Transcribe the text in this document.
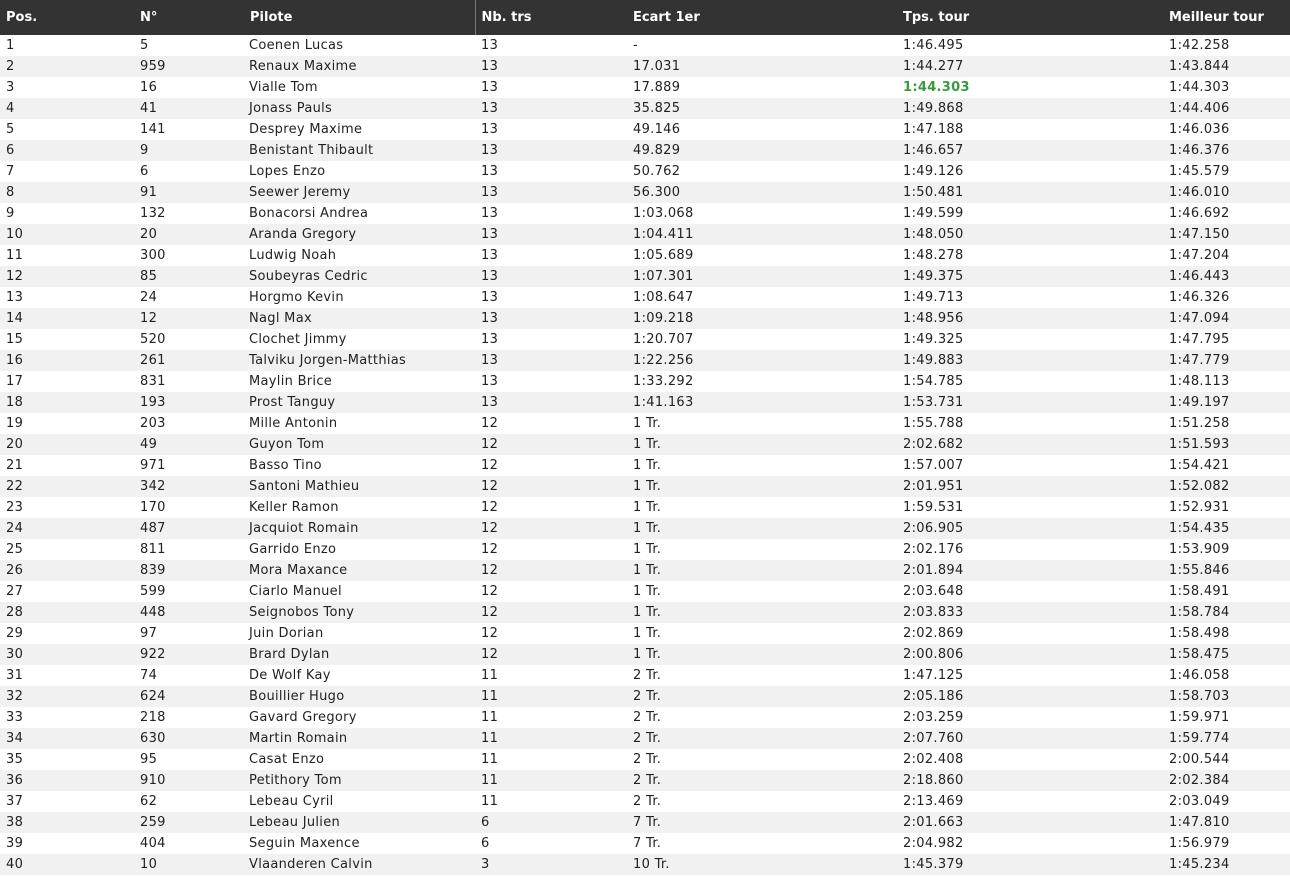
Pos.	N°	Pilote	Nb. trs	Ecart 1er	Tps. tour	Meilleur tour
1	5	Coenen Lucas	13	-	1:46.495	1:42.258
2	959	Renaux Maxime	13	17.031	1:44.277	1:43.844
3	16	Vialle Tom	13	17.889	1:44.303	1:44.303
4	41	Jonass Pauls	13	35.825	1:49.868	1:44.406
5	141	Desprey Maxime	13	49.146	1:47.188	1:46.036
6	9	Benistant Thibault	13	49.829	1:46.657	1:46.376
7	6	Lopes Enzo	13	50.762	1:49.126	1:45.579
8	91	Seewer Jeremy	13	56.300	1:50.481	1:46.010
9	132	Bonacorsi Andrea	13	1:03.068	1:49.599	1:46.692
10	20	Aranda Gregory	13	1:04.411	1:48.050	1:47.150
11	300	Ludwig Noah	13	1:05.689	1:48.278	1:47.204
12	85	Soubeyras Cedric	13	1:07.301	1:49.375	1:46.443
13	24	Horgmo Kevin	13	1:08.647	1:49.713	1:46.326
14	12	Nagl Max	13	1:09.218	1:48.956	1:47.094
15	520	Clochet Jimmy	13	1:20.707	1:49.325	1:47.795
16	261	Talviku Jorgen-Matthias	13	1:22.256	1:49.883	1:47.779
17	831	Maylin Brice	13	1:33.292	1:54.785	1:48.113
18	193	Prost Tanguy	13	1:41.163	1:53.731	1:49.197
19	203	Mille Antonin	12	1 Tr.	1:55.788	1:51.258
20	49	Guyon Tom	12	1 Tr.	2:02.682	1:51.593
21	971	Basso Tino	12	1 Tr.	1:57.007	1:54.421
22	342	Santoni Mathieu	12	1 Tr.	2:01.951	1:52.082
23	170	Keller Ramon	12	1 Tr.	1:59.531	1:52.931
24	487	Jacquiot Romain	12	1 Tr.	2:06.905	1:54.435
25	811	Garrido Enzo	12	1 Tr.	2:02.176	1:53.909
26	839	Mora Maxance	12	1 Tr.	2:01.894	1:55.846
27	599	Ciarlo Manuel	12	1 Tr.	2:03.648	1:58.491
28	448	Seignobos Tony	12	1 Tr.	2:03.833	1:58.784
29	97	Juin Dorian	12	1 Tr.	2:02.869	1:58.498
30	922	Brard Dylan	12	1 Tr.	2:00.806	1:58.475
31	74	De Wolf Kay	11	2 Tr.	1:47.125	1:46.058
32	624	Bouillier Hugo	11	2 Tr.	2:05.186	1:58.703
33	218	Gavard Gregory	11	2 Tr.	2:03.259	1:59.971
34	630	Martin Romain	11	2 Tr.	2:07.760	1:59.774
35	95	Casat Enzo	11	2 Tr.	2:02.408	2:00.544
36	910	Petithory Tom	11	2 Tr.	2:18.860	2:02.384
37	62	Lebeau Cyril	11	2 Tr.	2:13.469	2:03.049
38	259	Lebeau Julien	6	7 Tr.	2:01.663	1:47.810
39	404	Seguin Maxence	6	7 Tr.	2:04.982	1:56.979
40	10	Vlaanderen Calvin	3	10 Tr.	1:45.379	1:45.234
